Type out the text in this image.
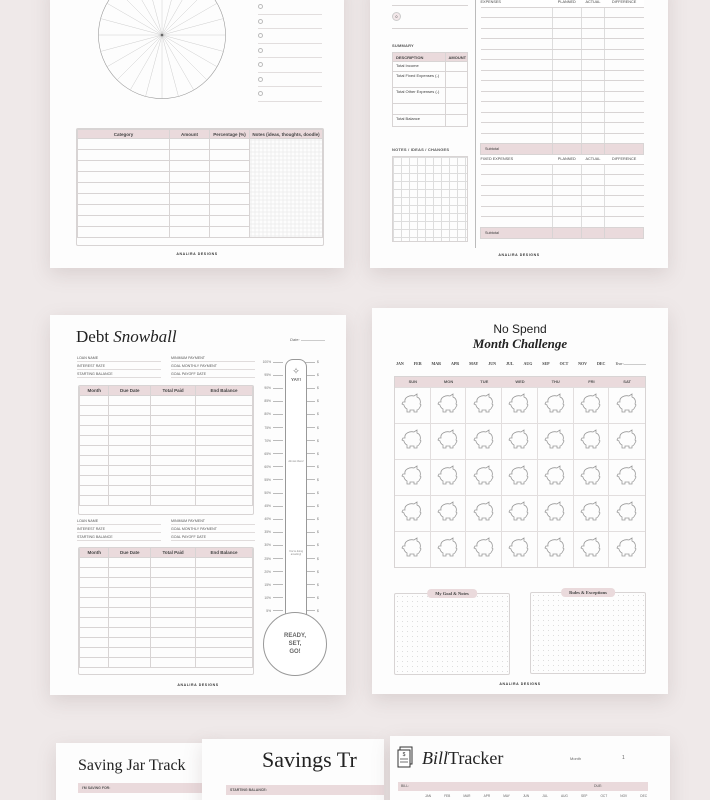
Category	Amount	Percentage (%)	Notes (ideas, thoughts, doodle)

ANALIRA DESIGNS
0
SUMMARY
DESCRIPTION	AMOUNT
Total Income	
Total Fixed Expenses (-)	
Total Other Expenses (-)	

Total Balance	
NOTES / IDEAS / CHANGES
EXPENSES	PLANNED	ACTUAL	DIFFERENCE

Subtotal			
FIXED EXPENSES	PLANNED	ACTUAL	DIFFERENCE

Subtotal			
ANALIRA DESIGNS
Debt Snowball	Date:
LOAN NAME	MINIMUM PAYMENT
INTEREST RATE	GOAL MONTHLY PAYMENT
STARTING BALANCE	GOAL PAYOFF DATE
Month	Due Date	Total Paid	End Balance

LOAN NAME	MINIMUM PAYMENT
INTEREST RATE	GOAL MONTHLY PAYMENT
STARTING BALANCE	GOAL PAYOFF DATE
Month	Due Date	Total Paid	End Balance

100%	$
95%	$
90%	$
85%	$
80%	$
75%	$
70%	$
65%	$
60%	$
55%	$
50%	$
45%	$
40%	$
35%	$
30%	$
25%	$
20%	$
15%	$
10%	$
5%	$
✧
YAY!
Almost there!
You're doing amazing!
READY,
SET,
GO!
ANALIRA DESIGNS
No Spend
Month Challenge
JAN FEB MAR APR MAY JUN JUL AUG SEP OCT NOV DEC Year:
SUN	MON	TUE	WED	THU	FRI	SAT
My Goal & Notes	Rules & Exceptions
ANALIRA DESIGNS
Saving Jar Track
I'M SAVING FOR:
Savings Tr
STARTING BALANCE:
$ BillTracker	Month	1
BILL:	DUE:
JAN	FEB	MAR	APR	MAY	JUN	JUL	AUG	SEP	OCT	NOV	DEC
